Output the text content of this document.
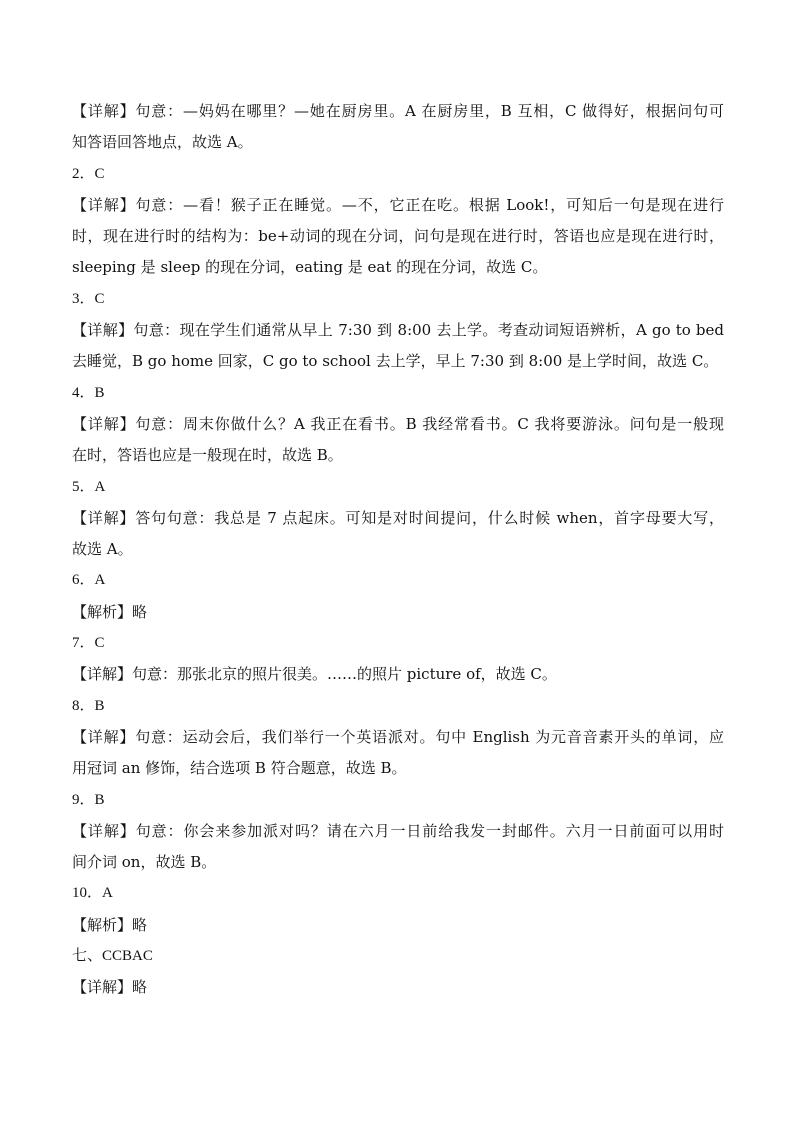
【详解】句意：—妈妈在哪里？—她在厨房里。A 在厨房里，B 互相，C 做得好，根据问句可
知答语回答地点，故选 A。
2．C
【详解】句意：—看！猴子正在睡觉。—不，它正在吃。根据 Look!，可知后一句是现在进行
时，现在进行时的结构为：be+动词的现在分词，问句是现在进行时，答语也应是现在进行时，
sleeping 是 sleep 的现在分词，eating 是 eat 的现在分词，故选 C。
3．C
【详解】句意：现在学生们通常从早上 7:30 到 8:00 去上学。考查动词短语辨析，A go to bed
去睡觉，B go home 回家，C go to school 去上学，早上 7:30 到 8:00 是上学时间，故选 C。
4．B
【详解】句意：周末你做什么？A 我正在看书。B 我经常看书。C 我将要游泳。问句是一般现
在时，答语也应是一般现在时，故选 B。
5．A
【详解】答句句意：我总是 7 点起床。可知是对时间提问，什么时候 when，首字母要大写，
故选 A。
6．A
【解析】略
7．C
【详解】句意：那张北京的照片很美。……的照片 picture of，故选 C。
8．B
【详解】句意：运动会后，我们举行一个英语派对。句中 English 为元音音素开头的单词，应
用冠词 an 修饰，结合选项 B 符合题意，故选 B。
9．B
【详解】句意：你会来参加派对吗？请在六月一日前给我发一封邮件。六月一日前面可以用时
间介词 on，故选 B。
10．A
【解析】略
七、CCBAC
【详解】略
